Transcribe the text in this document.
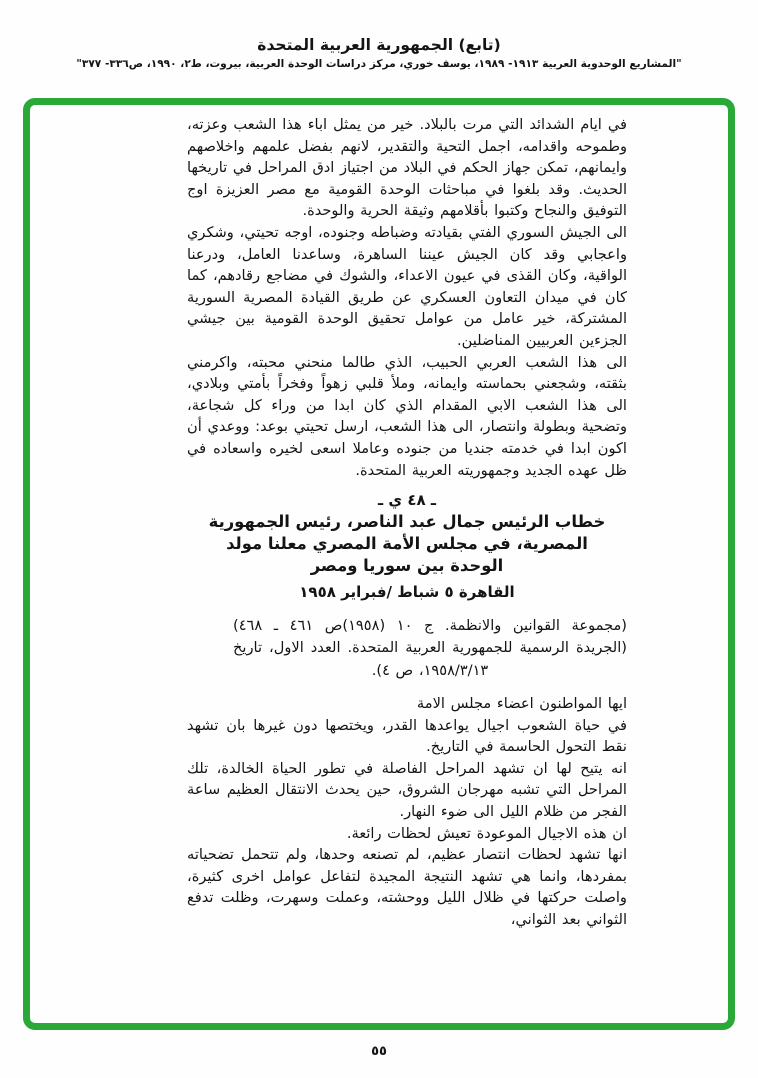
(تابع) الجمهورية العربية المتحدة
"المشاريع الوحدوية العربية ١٩١٣- ١٩٨٩، يوسف خوري، مركز دراسات الوحدة العربية، بيروت، ط٢، ١٩٩٠، ص٣٣٦- ٣٧٧"

في ايام الشدائد التي مرت بالبلاد. خير من يمثل اباء هذا الشعب وعزته، وطموحه واقدامه، اجمل التحية والتقدير، لانهم بفضل علمهم واخلاصهم وايمانهم، تمكن جهاز الحكم في البلاد من اجتياز ادق المراحل في تاريخها الحديث. وقد بلغوا في مباحثات الوحدة القومية مع مصر العزيزة اوج التوفيق والنجاح وكتبوا بأقلامهم وثيقة الحرية والوحدة.

الى الجيش السوري الفتي بقيادته وضباطه وجنوده، اوجه تحيتي، وشكري واعجابي وقد كان الجيش عيننا الساهرة، وساعدنا العامل، ودرعنا الواقية، وكان القذى في عيون الاعداء، والشوك في مضاجع رقادهم، كما كان في ميدان التعاون العسكري عن طريق القيادة المصرية السورية المشتركة، خير عامل من عوامل تحقيق الوحدة القومية بين جيشي الجزءين العربيين المناضلين.

الى هذا الشعب العربي الحبيب، الذي طالما منحني محبته، واكرمني بثقته، وشجعني بحماسته وايمانه، وملأ قلبي زهواً وفخراً بأمتي وبلادي، الى هذا الشعب الابي المقدام الذي كان ابدا من وراء كل شجاعة، وتضحية وبطولة وانتصار، الى هذا الشعب، ارسل تحيتي بوعد: ووعدي أن اكون ابدا في خدمته جنديا من جنوده وعاملا اسعى لخيره واسعاده في ظل عهده الجديد وجمهوريته العربية المتحدة.

ـ ٤٨ ي ـ
خطاب الرئيس جمال عبد الناصر، رئيس الجمهورية
المصرية، في مجلس الأمة المصري معلنا مولد
الوحدة بين سوريا ومصر
القاهرة ٥ شباط /فبراير ١٩٥٨

(مجموعة القوانين والانظمة. ج ١٠ (١٩٥٨)ص ٤٦١ ـ ٤٦٨) (الجريدة الرسمية للجمهورية العربية المتحدة. العدد الاول، تاريخ ١٩٥٨/٣/١٣، ص ٤).

ايها المواطنون اعضاء مجلس الامة

في حياة الشعوب اجيال يواعدها القدر، ويختصها دون غيرها بان تشهد نقط التحول الحاسمة في التاريخ.

انه يتيح لها ان تشهد المراحل الفاصلة في تطور الحياة الخالدة، تلك المراحل التي تشبه مهرجان الشروق، حين يحدث الانتقال العظيم ساعة الفجر من ظلام الليل الى ضوء النهار.

ان هذه الاجيال الموعودة تعيش لحظات رائعة.

انها تشهد لحظات انتصار عظيم، لم تصنعه وحدها، ولم تتحمل تضحياته بمفردها، وانما هي تشهد النتيجة المجيدة لتفاعل عوامل اخرى كثيرة، واصلت حركتها في ظلال الليل ووحشته، وعملت وسهرت، وظلت تدفع الثواني بعد الثواني،

٥٥
